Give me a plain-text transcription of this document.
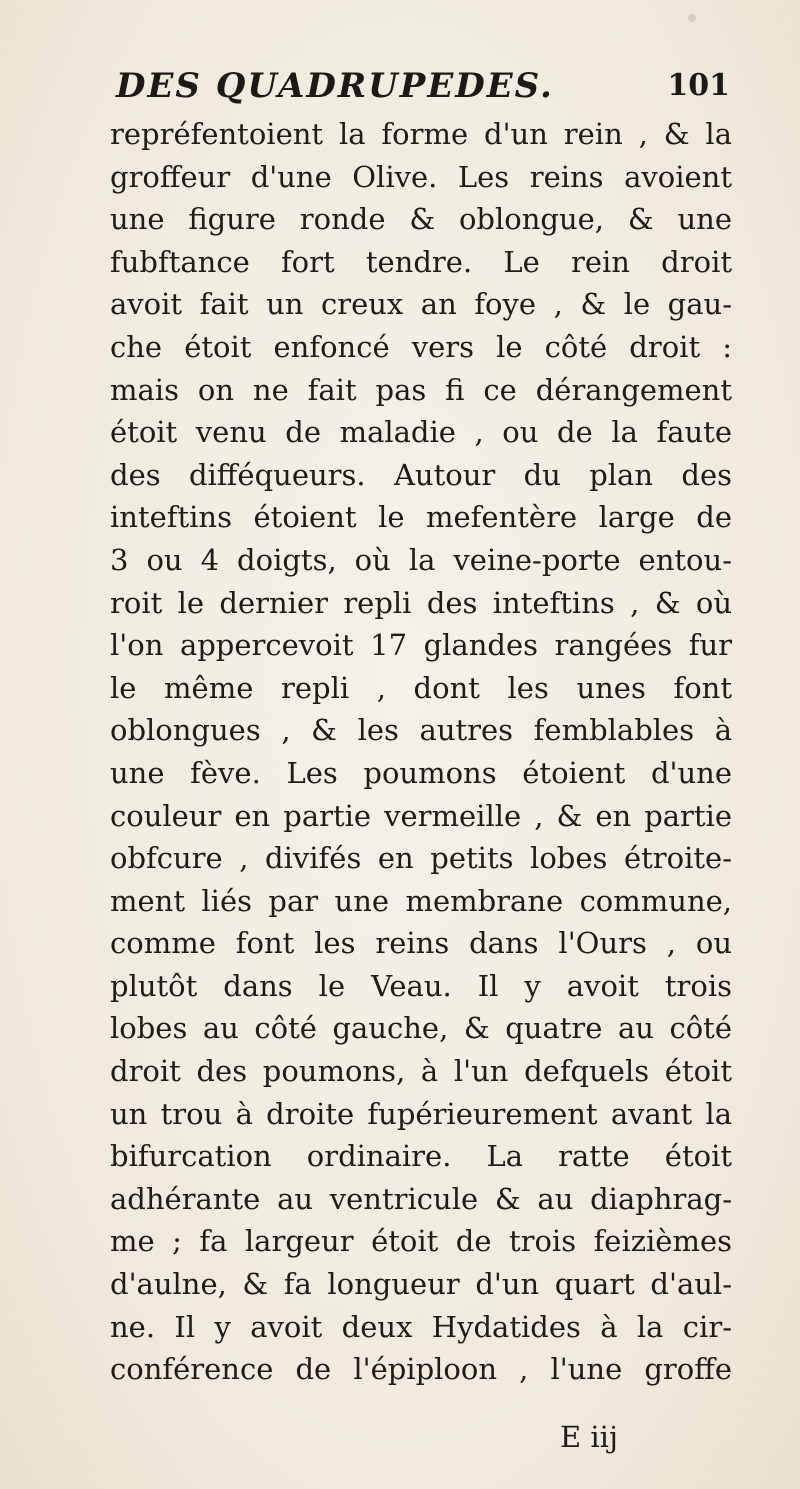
DES QUADRUPEDES.	101
repréfentoient la forme d'un rein , & la
groffeur d'une Olive. Les reins avoient
une figure ronde & oblongue, & une
fubftance fort tendre. Le rein droit
avoit fait un creux an foye , & le gau-
che étoit enfoncé vers le côté droit :
mais on ne fait pas fi ce dérangement
étoit venu de maladie , ou de la faute
des difféqueurs. Autour du plan des
inteftins étoient le mefentère large de
3 ou 4 doigts, où la veine-porte entou-
roit le dernier repli des inteftins , & où
l'on appercevoit 17 glandes rangées fur
le même repli , dont les unes font
oblongues , & les autres femblables à
une fève. Les poumons étoient d'une
couleur en partie vermeille , & en partie
obfcure , divifés en petits lobes étroite-
ment liés par une membrane commune,
comme font les reins dans l'Ours , ou
plutôt dans le Veau. Il y avoit trois
lobes au côté gauche, & quatre au côté
droit des poumons, à l'un defquels étoit
un trou à droite fupérieurement avant la
bifurcation ordinaire. La ratte étoit
adhérante au ventricule & au diaphrag-
me ; fa largeur étoit de trois feizièmes
d'aulne, & fa longueur d'un quart d'aul-
ne. Il y avoit deux Hydatides à la cir-
conférence de l'épiploon , l'une groffe
E iij
